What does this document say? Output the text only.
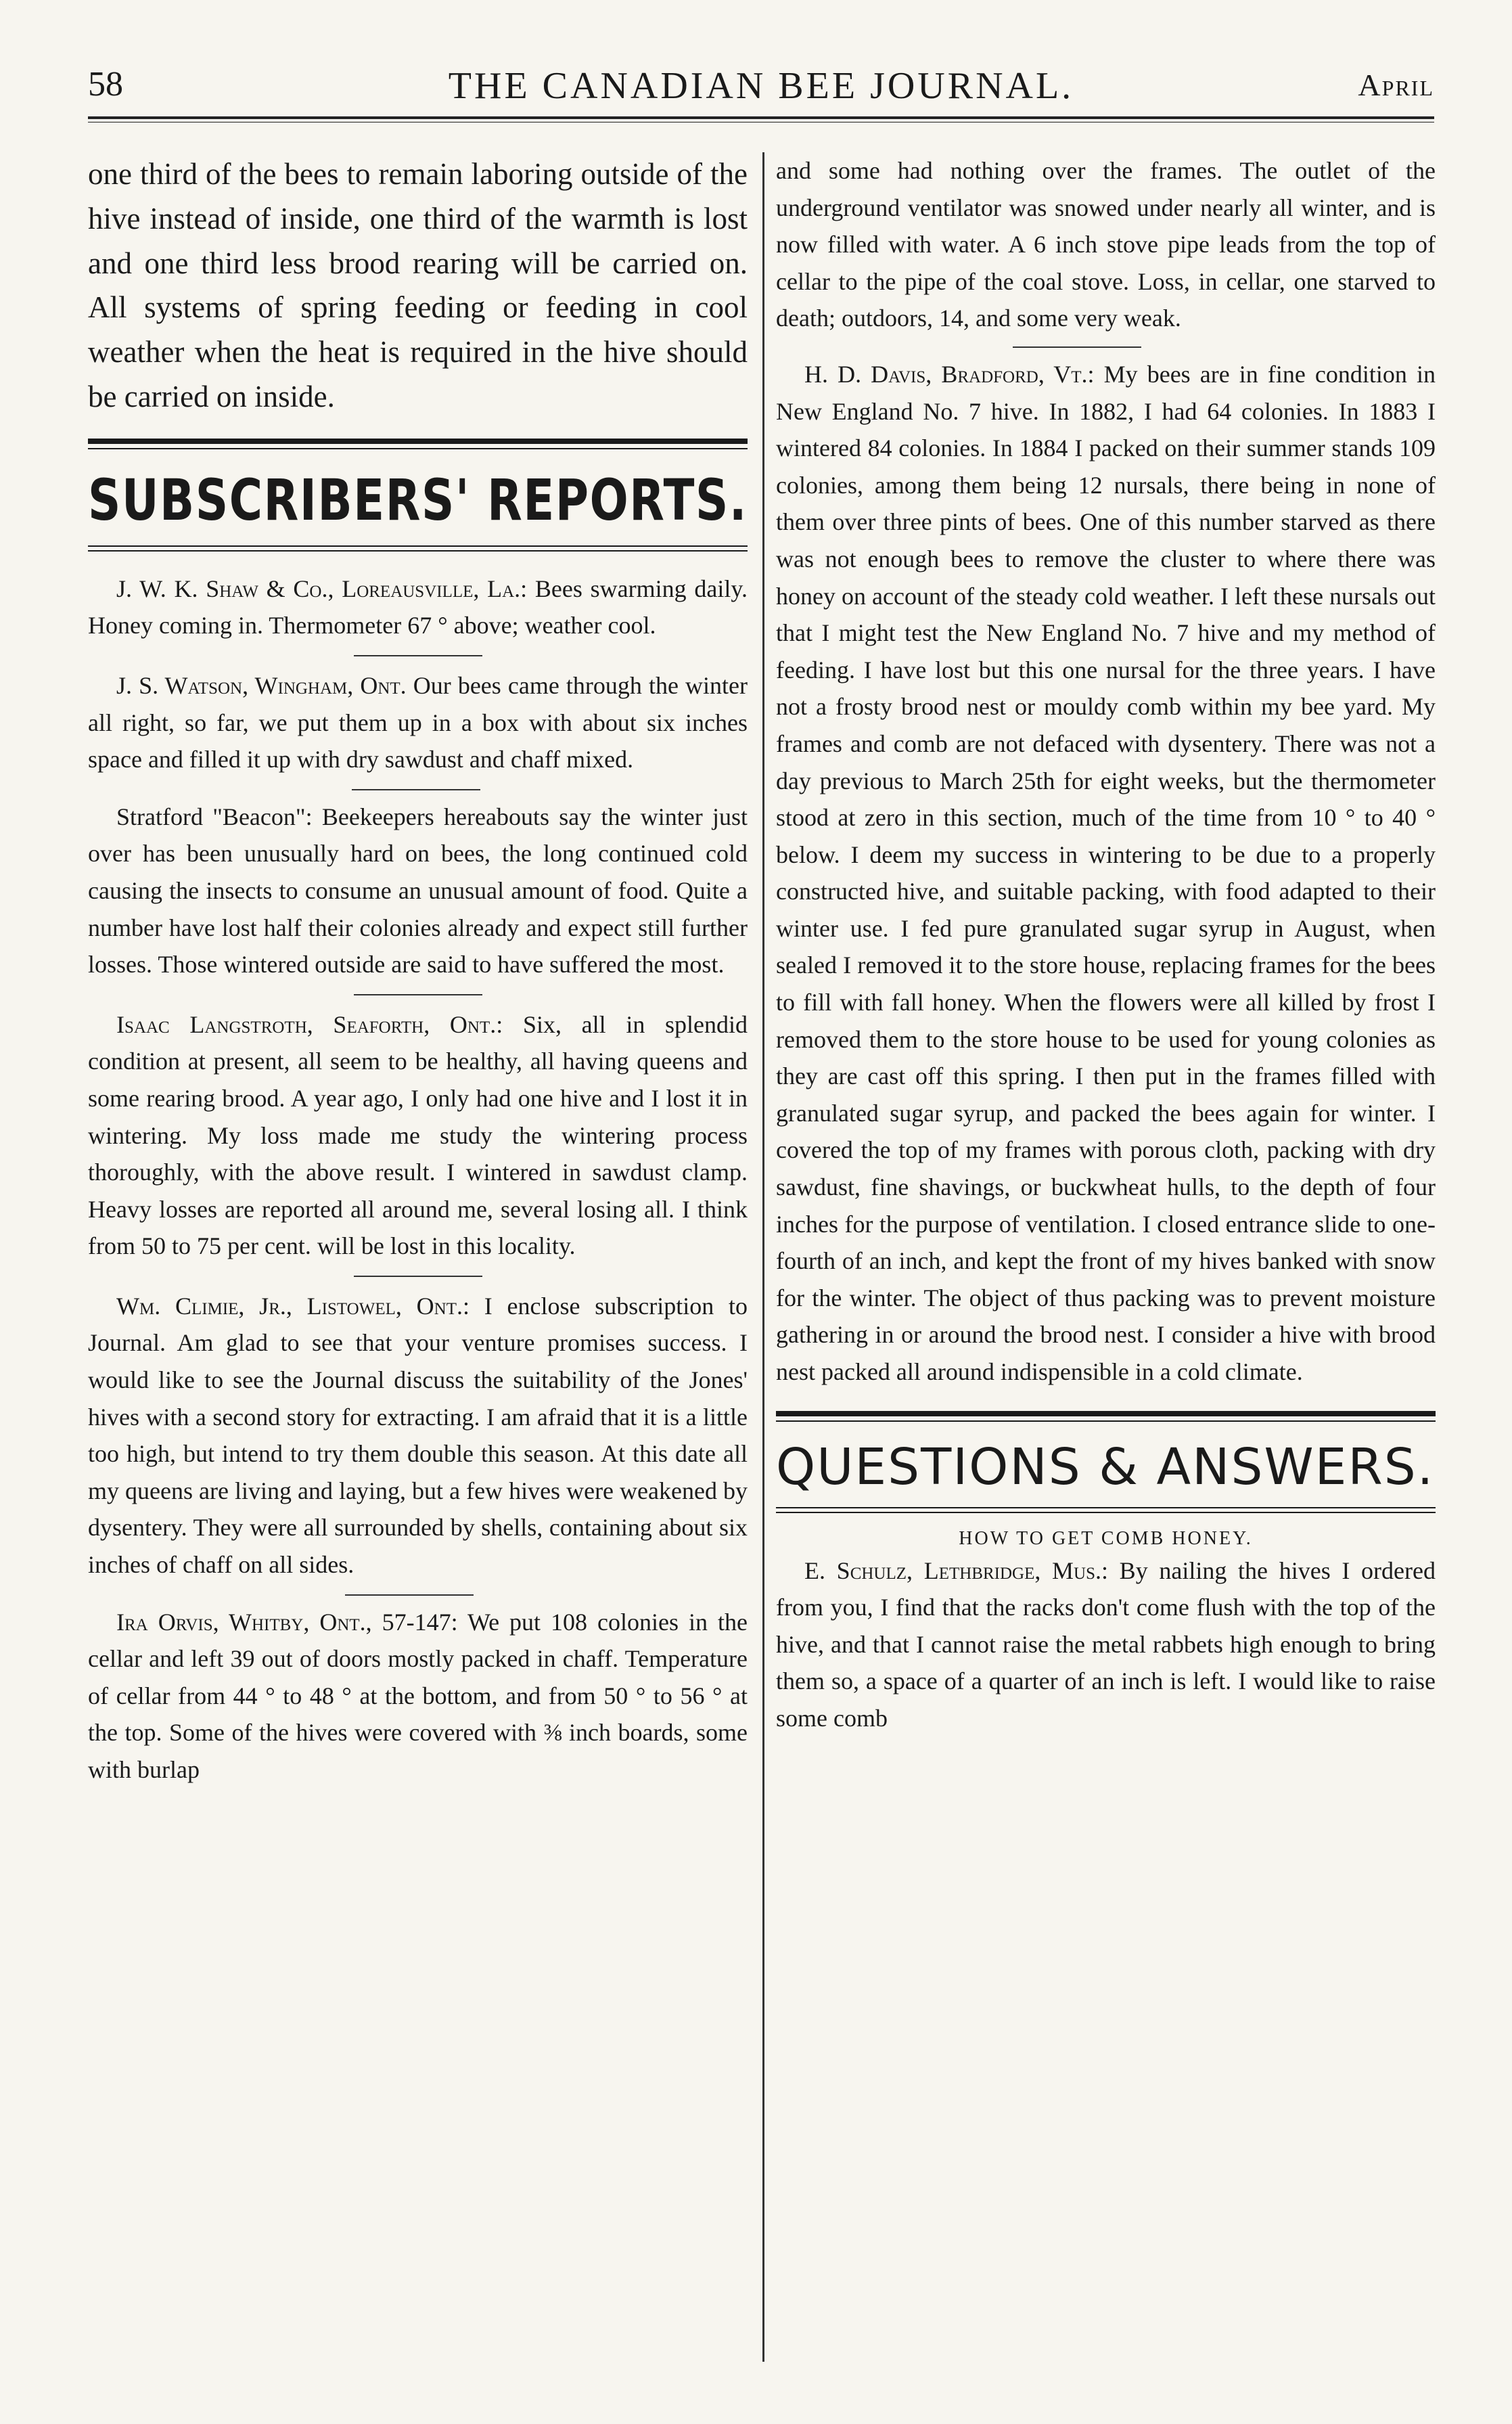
58	THE CANADIAN BEE JOURNAL.	April

one third of the bees to remain laboring outside of the hive instead of inside, one third of the warmth is lost and one third less brood rearing will be carried on. All systems of spring feeding or feeding in cool weather when the heat is required in the hive should be carried on inside.

SUBSCRIBERS' REPORTS.

J. W. K. Shaw & Co., Loreausville, La.: Bees swarming daily. Honey coming in. Thermometer 67 ° above; weather cool.

J. S. Watson, Wingham, Ont. Our bees came through the winter all right, so far, we put them up in a box with about six inches space and filled it up with dry sawdust and chaff mixed.

Stratford "Beacon": Beekeepers hereabouts say the winter just over has been unusually hard on bees, the long continued cold causing the insects to consume an unusual amount of food. Quite a number have lost half their colonies already and expect still further losses. Those wintered outside are said to have suffered the most.

Isaac Langstroth, Seaforth, Ont.: Six, all in splendid condition at present, all seem to be healthy, all having queens and some rearing brood. A year ago, I only had one hive and I lost it in wintering. My loss made me study the wintering process thoroughly, with the above result. I wintered in sawdust clamp. Heavy losses are reported all around me, several losing all. I think from 50 to 75 per cent. will be lost in this locality.

Wm. Climie, Jr., Listowel, Ont.: I enclose subscription to Journal. Am glad to see that your venture promises success. I would like to see the Journal discuss the suitability of the Jones' hives with a second story for extracting. I am afraid that it is a little too high, but intend to try them double this season. At this date all my queens are living and laying, but a few hives were weakened by dysentery. They were all surrounded by shells, containing about six inches of chaff on all sides.

Ira Orvis, Whitby, Ont., 57-147: We put 108 colonies in the cellar and left 39 out of doors mostly packed in chaff. Temperature of cellar from 44 ° to 48 ° at the bottom, and from 50 ° to 56 ° at the top. Some of the hives were covered with ⅜ inch boards, some with burlap

and some had nothing over the frames. The outlet of the underground ventilator was snowed under nearly all winter, and is now filled with water. A 6 inch stove pipe leads from the top of cellar to the pipe of the coal stove. Loss, in cellar, one starved to death; outdoors, 14, and some very weak.

H. D. Davis, Bradford, Vt.: My bees are in fine condition in New England No. 7 hive. In 1882, I had 64 colonies. In 1883 I wintered 84 colonies. In 1884 I packed on their summer stands 109 colonies, among them being 12 nursals, there being in none of them over three pints of bees. One of this number starved as there was not enough bees to remove the cluster to where there was honey on account of the steady cold weather. I left these nursals out that I might test the New England No. 7 hive and my method of feeding. I have lost but this one nursal for the three years. I have not a frosty brood nest or mouldy comb within my bee yard. My frames and comb are not defaced with dysentery. There was not a day previous to March 25th for eight weeks, but the thermometer stood at zero in this section, much of the time from 10 ° to 40 ° below. I deem my success in wintering to be due to a properly constructed hive, and suitable packing, with food adapted to their winter use. I fed pure granulated sugar syrup in August, when sealed I removed it to the store house, replacing frames for the bees to fill with fall honey. When the flowers were all killed by frost I removed them to the store house to be used for young colonies as they are cast off this spring. I then put in the frames filled with granulated sugar syrup, and packed the bees again for winter. I covered the top of my frames with porous cloth, packing with dry sawdust, fine shavings, or buckwheat hulls, to the depth of four inches for the purpose of ventilation. I closed entrance slide to one-fourth of an inch, and kept the front of my hives banked with snow for the winter. The object of thus packing was to prevent moisture gathering in or around the brood nest. I consider a hive with brood nest packed all around indispensible in a cold climate.

QUESTIONS & ANSWERS.
HOW TO GET COMB HONEY.

E. Schulz, Lethbridge, Mus.: By nailing the hives I ordered from you, I find that the racks don't come flush with the top of the hive, and that I cannot raise the metal rabbets high enough to bring them so, a space of a quarter of an inch is left. I would like to raise some comb
